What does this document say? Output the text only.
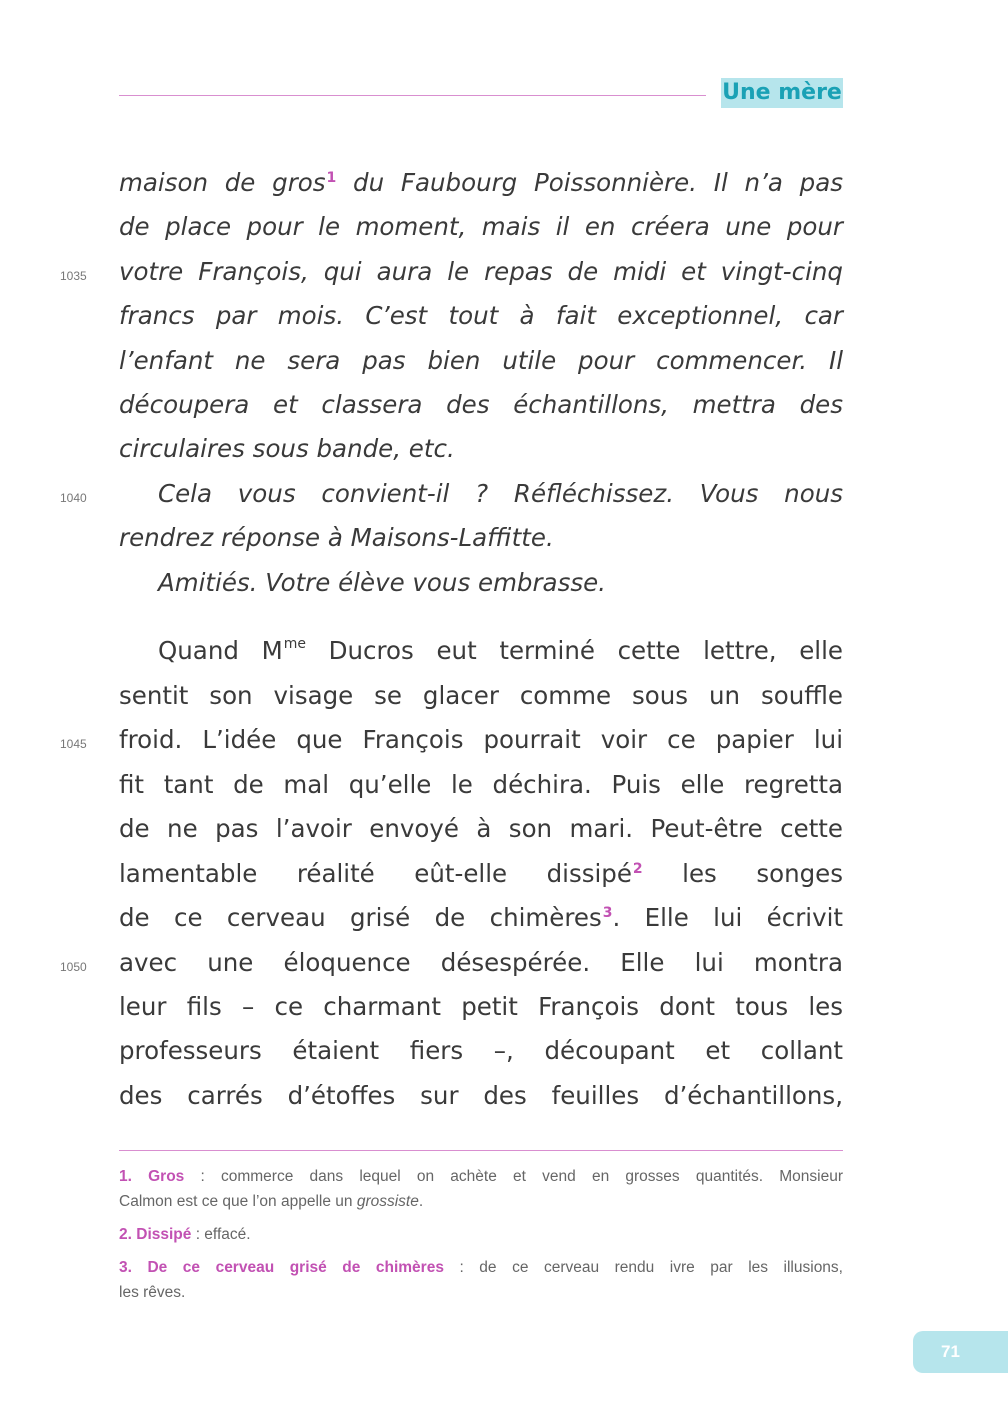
Une mère
maison de gros$^1$ du Faubourg Poissonnière. Il n’a pas
de place pour le moment, mais il en créera une pour
votre François, qui aura le repas de midi et vingt-cinq
francs par mois. C’est tout à fait exceptionnel, car
l’enfant ne sera pas bien utile pour commencer. Il
découpera et classera des échantillons, mettra des
circulaires sous bande, etc.
Cela vous convient-il ? Réfléchissez. Vous nous
rendrez réponse à Maisons-Laffitte.
Amitiés. Votre élève vous embrasse.
Quand $M^{me}$ Ducros eut terminé cette lettre, elle
sentit son visage se glacer comme sous un souffle
froid. L’idée que François pourrait voir ce papier lui
fit tant de mal qu’elle le déchira. Puis elle regretta
de ne pas l’avoir envoyé à son mari. Peut-être cette
lamentable réalité eût-elle dissipé$^2$ les songes
de ce cerveau grisé de chimères$^3$. Elle lui écrivit
avec une éloquence désespérée. Elle lui montra
leur fils – ce charmant petit François dont tous les
professeurs étaient fiers –, découpant et collant
des carrés d’étoffes sur des feuilles d’échantillons,
1035
1040
1045
1050
1. Gros : commerce dans lequel on achète et vend en grosses quantités. Monsieur
Calmon est ce que l’on appelle un grossiste.
2. Dissipé : effacé.
3. De ce cerveau grisé de chimères : de ce cerveau rendu ivre par les illusions,
les rêves.
71
